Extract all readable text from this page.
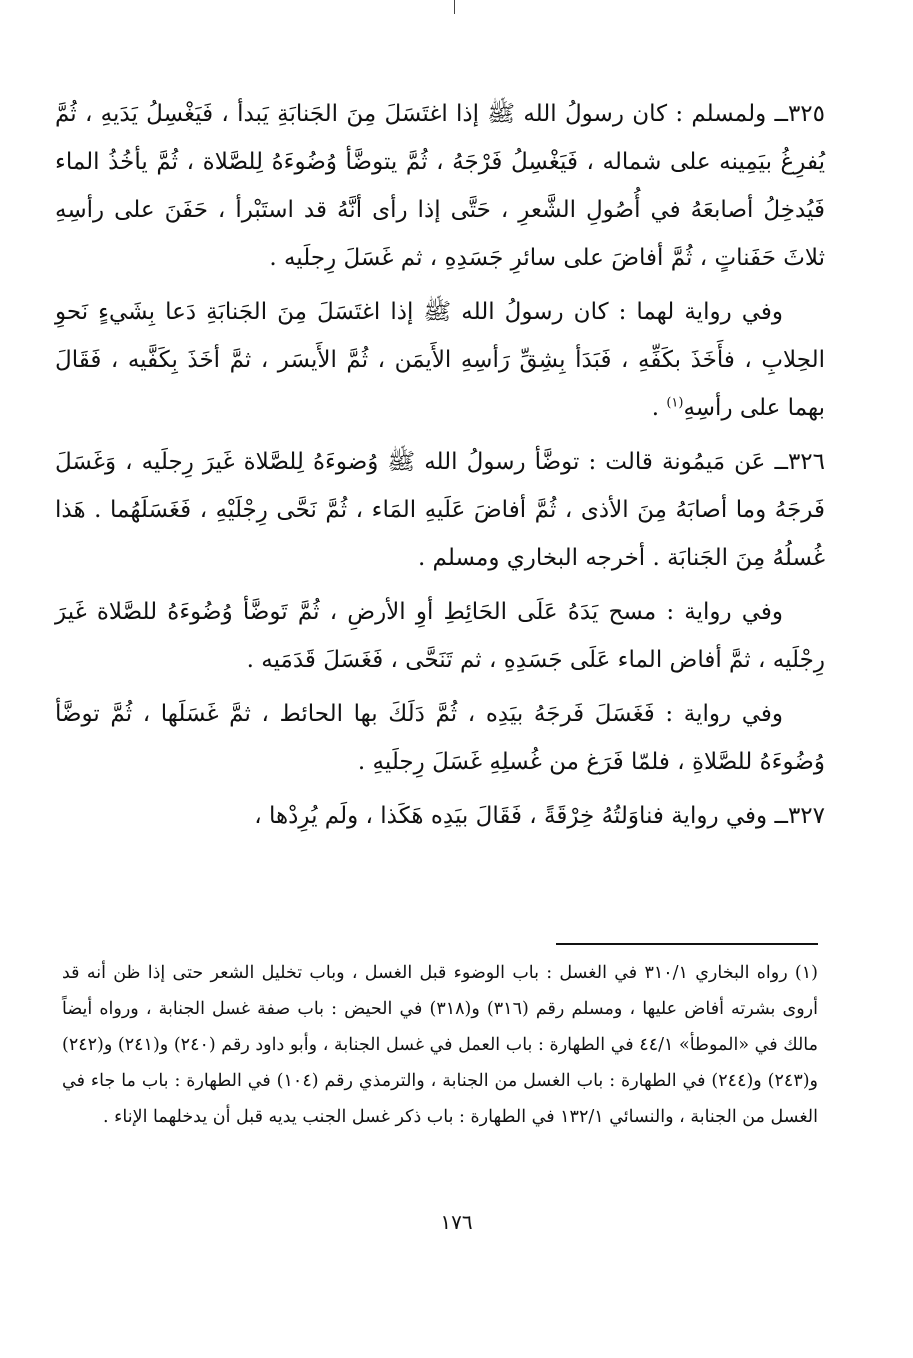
٣٢٥ــ ولمسلم : كان رسولُ الله ﷺ إذا اغتَسَلَ مِنَ الجَنابَةِ يَبدأ ، فَيَغْسِلُ يَدَيهِ ، ثُمَّ يُفرِغُ بيَمِينه على شماله ، فَيَغْسِلُ فَرْجَهُ ، ثُمَّ يتوضَّأ وُضُوءَهُ لِلصَّلاة ، ثُمَّ يأخُذُ الماء فَيُدخِلُ أصابعَهُ في أُصُولِ الشَّعرِ ، حَتَّى إذا رأى أنَّهُ قد استَبْرأ ، حَفَنَ على رأسِهِ ثلاثَ حَفَناتٍ ، ثُمَّ أفاضَ على سائرِ جَسَدِهِ ، ثم غَسَلَ رِجلَيه .

وفي رواية لهما : كان رسولُ الله ﷺ إذا اغتَسَلَ مِنَ الجَنابَةِ دَعا بِشَيءٍ نَحوِ الحِلابِ ، فأَخَذَ بكَفِّهِ ، فَبَدَأ بِشِقِّ رَأسِهِ الأَيمَن ، ثُمَّ الأَيسَر ، ثمَّ أخَذَ بِكَفَّيه ، فَقَالَ بهما على رأسِهِ$^{(١)}$ .

٣٢٦ــ عَن مَيمُونة قالت : توضَّأ رسولُ الله ﷺ وُضوءَهُ لِلصَّلاة غَيرَ رِجلَيه ، وَغَسَلَ فَرجَهُ وما أصابَهُ مِنَ الأذى ، ثُمَّ أفاضَ عَلَيهِ المَاء ، ثُمَّ نَحَّى رِجْلَيْهِ ، فَغَسَلَهُما . هَذا غُسلُهُ مِنَ الجَنابَة . أخرجه البخاري ومسلم .

وفي رواية : مسح يَدَهُ عَلَى الحَائِطِ أوِ الأرضِ ، ثُمَّ تَوضَّأ وُضُوءَهُ للصَّلاة غَيرَ رِجْلَيه ، ثمَّ أفاض الماء عَلَى جَسَدِهِ ، ثم تَنَحَّى ، فَغَسَلَ قَدَمَيه .

وفي رواية : فَغَسَلَ فَرجَهُ بيَدِه ، ثُمَّ دَلَكَ بها الحائط ، ثمَّ غَسَلَها ، ثُمَّ توضَّأ وُضُوءَهُ للصَّلاةِ ، فلمّا فَرَغ من غُسلِهِ غَسَلَ رِجلَيهِ .

٣٢٧ــ وفي رواية فناوَلتُهُ خِرْقَةً ، فَقَالَ بيَدِه هَكَذا ، ولَم يُرِدْها ،

(١) رواه البخاري ٣١٠/١ في الغسل : باب الوضوء قبل الغسل ، وباب تخليل الشعر حتى إذا ظن أنه قد أروى بشرته أفاض عليها ، ومسلم رقم (٣١٦) و(٣١٨) في الحيض : باب صفة غسل الجنابة ، ورواه أيضاً مالك في «الموطأ» ٤٤/١ في الطهارة : باب العمل في غسل الجنابة ، وأبو داود رقم (٢٤٠) و(٢٤١) و(٢٤٢) و(٢٤٣) و(٢٤٤) في الطهارة : باب الغسل من الجنابة ، والترمذي رقم (١٠٤) في الطهارة : باب ما جاء في الغسل من الجنابة ، والنسائي ١٣٢/١ في الطهارة : باب ذكر غسل الجنب يديه قبل أن يدخلهما الإناء .

١٧٦
